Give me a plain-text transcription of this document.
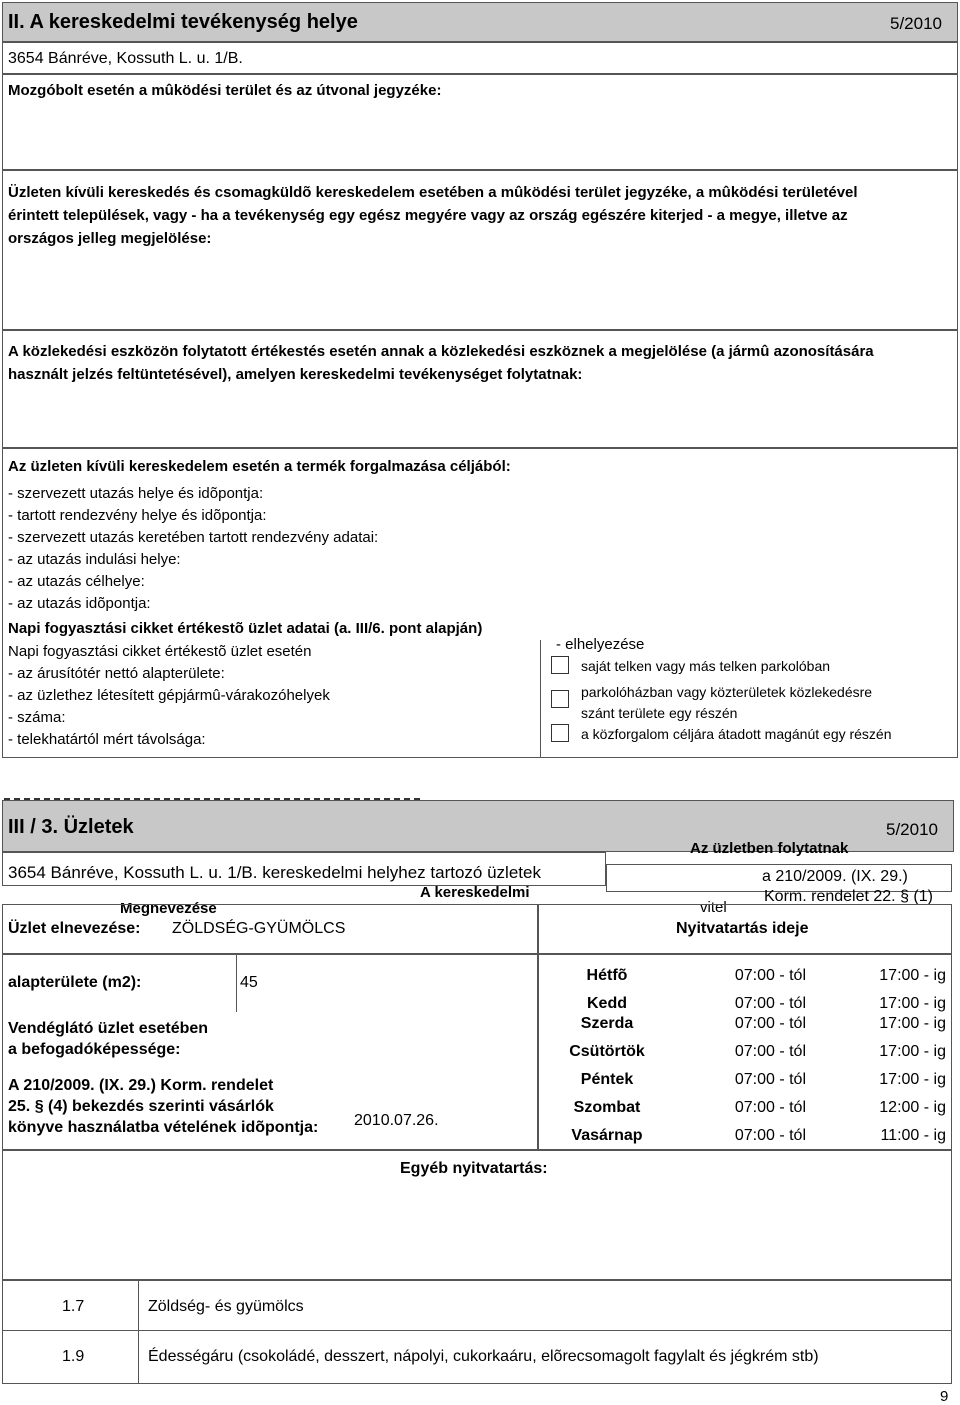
II. A kereskedelmi tevékenység helye	5/2010
3654 Bánréve, Kossuth L. u. 1/B.
Mozgóbolt esetén a mûködési terület és az útvonal jegyzéke:
Üzleten kívüli kereskedés és csomagküldõ kereskedelem esetében a mûködési terület jegyzéke, a mûködési területével érintett települések, vagy - ha a tevékenység egy egész megyére vagy az ország egészére kiterjed - a megye, illetve az országos jelleg megjelölése:
A közlekedési eszközön folytatott értékestés esetén annak a közlekedési eszköznek a megjelölése (a jármû azonosítására használt jelzés feltüntetésével), amelyen kereskedelmi tevékenységet folytatnak:
Az üzleten kívüli kereskedelem esetén a termék forgalmazása céljából:
- szervezett utazás helye és idõpontja:
- tartott rendezvény helye és idõpontja:
- szervezett utazás keretében tartott rendezvény adatai:
- az utazás indulási helye:
- az utazás célhelye:
- az utazás idõpontja:
Napi fogyasztási cikket értékestõ üzlet adatai (a. III/6. pont alapján)
Napi fogyasztási cikket értékestõ üzlet esetén
- az árusítótér nettó alapterülete:
- az üzlethez létesített gépjármû-várakozóhelyek
- száma:
- telekhatártól mért távolsága:
- elhelyezése
saját telken vagy más telken parkolóban
parkolóházban vagy közterületek közlekedésre
szánt területe egy részén
a közforgalom céljára átadott magánút egy részén
III / 3. Üzletek	5/2010
Az üzletben folytatnak
Megnevezése	vitel
3654 Bánréve, Kossuth L. u. 1/B. kereskedelmi helyhez tartozó üzletek
A kereskedelmi
a 210/2009. (IX. 29.)
Korm. rendelet 22. § (1)
Üzlet elnevezése: ZÖLDSÉG-GYÜMÖLCS	Nyitvatartás ideje
alapterülete (m2):	45
Vendéglátó üzlet esetében
a befogadóképessége:
A 210/2009. (IX. 29.) Korm. rendelet
25. § (4) bekezdés szerinti vásárlók
könyve használatba vételének idõpontja: 2010.07.26.
Hétfõ	07:00 - tól	17:00 - ig
Kedd	07:00 - tól	17:00 - ig
Szerda	07:00 - tól	17:00 - ig
Csütörtök	07:00 - tól	17:00 - ig
Péntek	07:00 - tól	17:00 - ig
Szombat	07:00 - tól	12:00 - ig
Vasárnap	07:00 - tól	11:00 - ig
Egyéb nyitvatartás:
1.7	Zöldség- és gyümölcs
1.9	Édességáru (csokoládé, desszert, nápolyi, cukorkaáru, elõrecsomagolt fagylalt és jégkrém stb)
9
